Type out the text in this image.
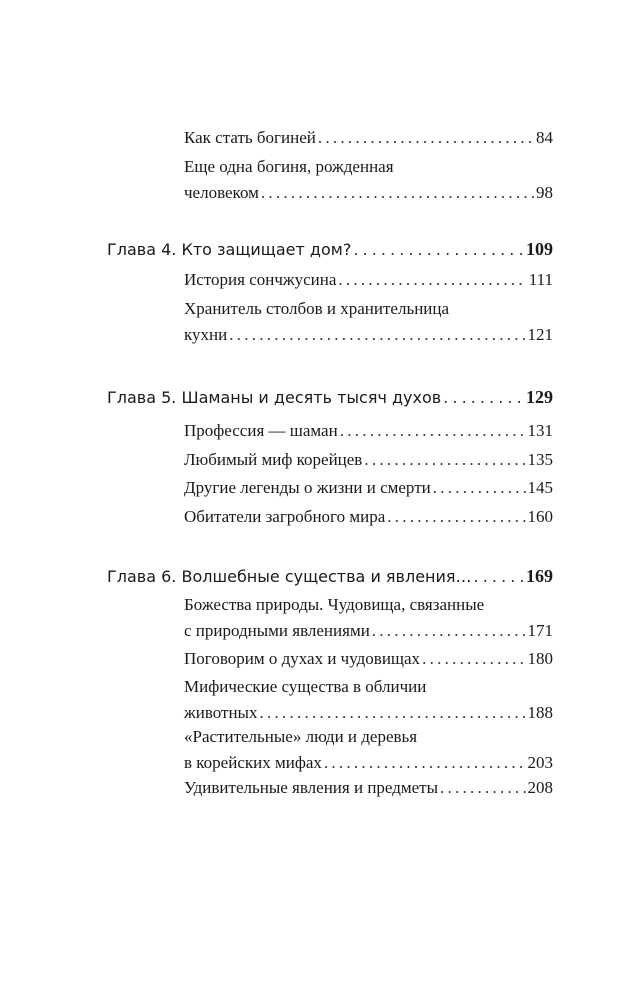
Как стать богиней . . .	84
Еще одна богиня, рожденная
человеком . . .	98
Глава 4. Кто защищает дом? . . .	109
История сончжусина . . .	111
Хранитель столбов и хранительница
кухни . . .	121
Глава 5. Шаманы и десять тысяч духов . . .	129
Профессия — шаман . . .	131
Любимый миф корейцев . . .	135
Другие легенды о жизни и смерти . . .	145
Обитатели загробного мира . . .	160
Глава 6. Волшебные существа и явления… . . .	169
Божества природы. Чудовища, связанные
с природными явлениями . . .	171
Поговорим о духах и чудовищах . . .	180
Мифические существа в обличии
животных . . .	188
«Растительные» люди и деревья
в корейских мифах . . .	203
Удивительные явления и предметы . . .	208
